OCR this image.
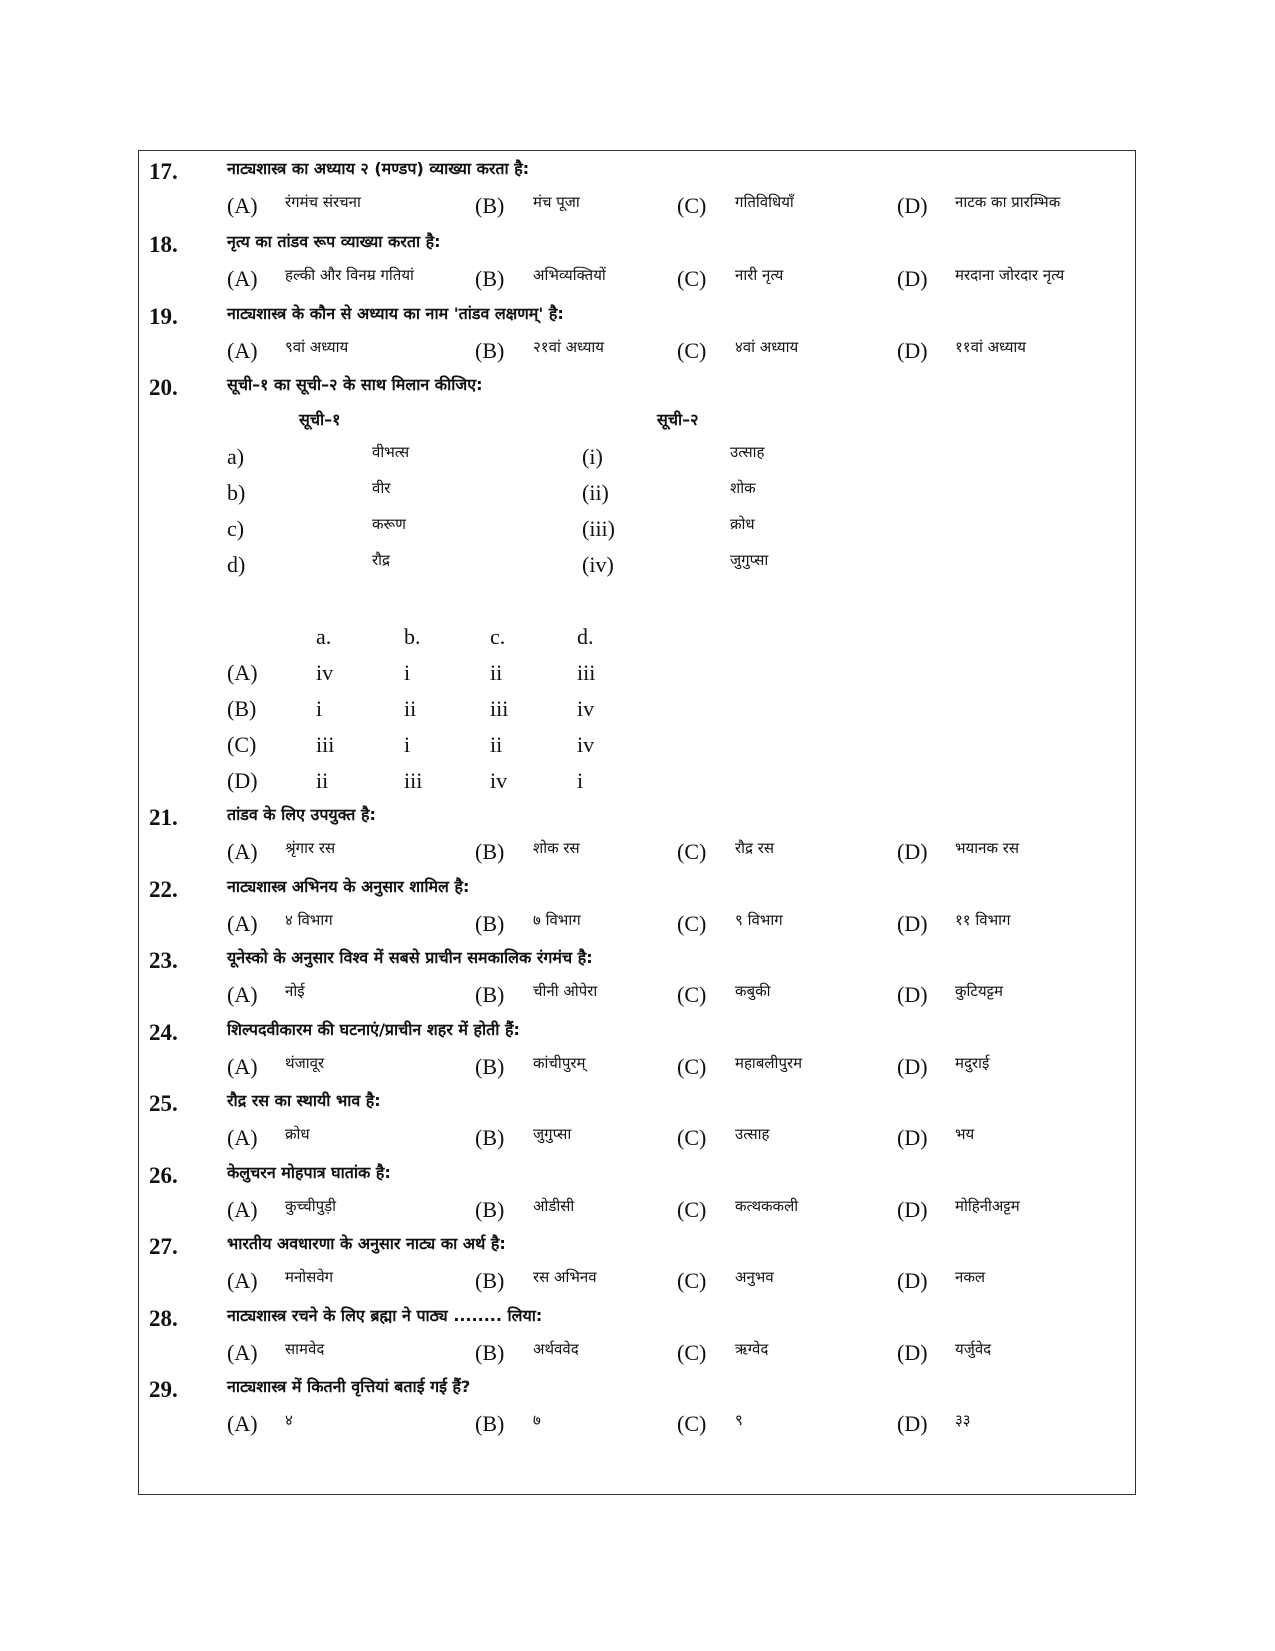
17.	नाट्यशास्त्र का अध्याय २ (मण्डप) व्याख्या करता है:
(A) रंगमंच संरचना	(B) मंच पूजा	(C) गतिविधियाँ	(D) नाटक का प्रारम्भिक
18.	नृत्य का तांडव रूप व्याख्या करता है:
(A) हल्की और विनम्र गतियां	(B) अभिव्यक्तियों	(C) नारी नृत्य	(D) मरदाना जोरदार नृत्य
19.	नाट्यशास्त्र के कौन से अध्याय का नाम 'तांडव लक्षणम्' है:
(A) ९वां अध्याय	(B) २१वां अध्याय	(C) ४वां अध्याय	(D) ११वां अध्याय
20.	सूची–१ का सूची–२ के साथ मिलान कीजिए:
सूची–१	सूची–२
a)	वीभत्स	(i)	उत्साह
b)	वीर	(ii)	शोक
c)	करूण	(iii)	क्रोध
d)	रौद्र	(iv)	जुगुप्सा
a.	b.	c.	d.
(A)	iv	i	ii	iii
(B)	i	ii	iii	iv
(C)	iii	i	ii	iv
(D)	ii	iii	iv	i
21.	तांडव के लिए उपयुक्त है:
(A) श्रृंगार रस	(B) शोक रस	(C) रौद्र रस	(D) भयानक रस
22.	नाट्यशास्त्र अभिनय के अनुसार शामिल है:
(A) ४ विभाग	(B) ७ विभाग	(C) ९ विभाग	(D) ११ विभाग
23.	यूनेस्को के अनुसार विश्व में सबसे प्राचीन समकालिक रंगमंच है:
(A) नोई	(B) चीनी ओपेरा	(C) कबुकी	(D) कुटियट्टम
24.	शिल्पदवीकारम की घटनाएं/प्राचीन शहर में होती हैं:
(A) थंजावूर	(B) कांचीपुरम्	(C) महाबलीपुरम	(D) मदुराई
25.	रौद्र रस का स्थायी भाव है:
(A) क्रोध	(B) जुगुप्सा	(C) उत्साह	(D) भय
26.	केलुचरन मोहपात्र घातांक है:
(A) कुच्चीपुड़ी	(B) ओडीसी	(C) कत्थककली	(D) मोहिनीअट्टम
27.	भारतीय अवधारणा के अनुसार नाट्य का अर्थ है:
(A) मनोसवेग	(B) रस अभिनव	(C) अनुभव	(D) नकल
28.	नाट्यशास्त्र रचने के लिए ब्रह्मा ने पाठ्य ........ लिया:
(A) सामवेद	(B) अर्थववेद	(C) ऋग्वेद	(D) यर्जुवेद
29.	नाट्यशास्त्र में कितनी वृत्तियां बताई गई हैं?
(A) ४	(B) ७	(C) ९	(D) ३३
